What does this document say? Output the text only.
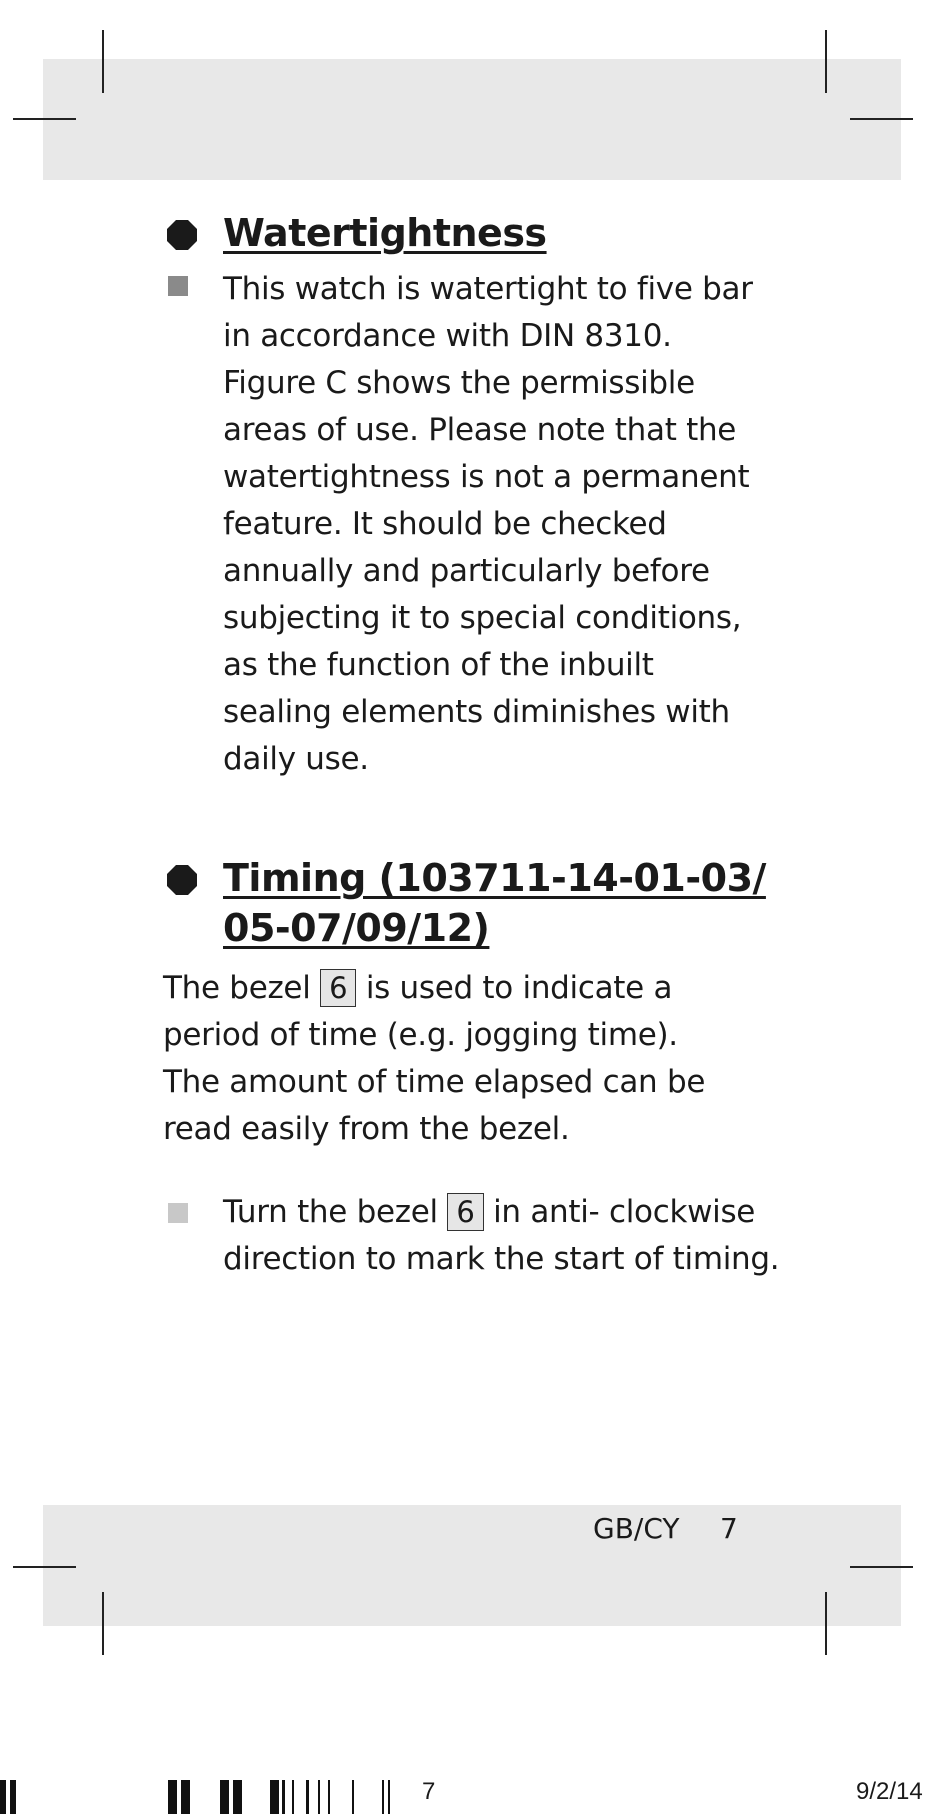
Watertightness

This watch is watertight to five bar in accordance with DIN 8310. Figure C shows the permissible areas of use. Please note that the watertightness is not a permanent feature. It should be checked annually and particularly before subjecting it to special conditions, as the function of the inbuilt sealing elements diminishes with daily use.

Timing (103711-14-01-03/ 05-07/09/12)

The bezel 6 is used to indicate a period of time (e.g. jogging time).

The amount of time elapsed can be read easily from the bezel.

Turn the bezel 6 in anti- clockwise direction to mark the start of timing.

GB/CY 7
7	9/2/14
